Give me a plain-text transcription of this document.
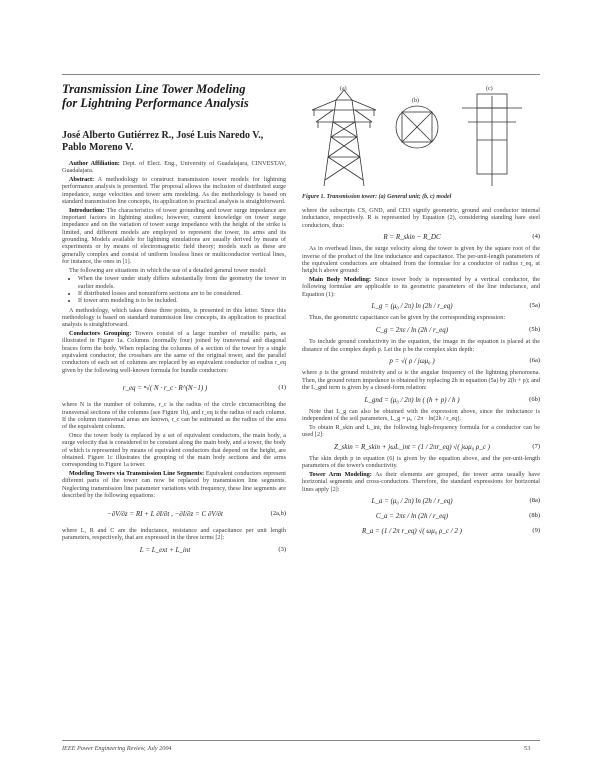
Transmission Line Tower Modeling
for Lightning Performance Analysis
José Alberto Gutiérrez R., José Luis Naredo V.,
Pablo Moreno V.

Author Affiliation: Dept. of Elect. Eng., University of Guadalajara, CINVESTAV, Guadalajara.

Abstract: A methodology to construct transmission tower models for lightning performance analysis is presented. The proposal allows the inclusion of distributed surge impedance, surge velocities and tower arm modeling. As the methodology is based on standard transmission line concepts, its application to practical analysis is straightforward.

Introduction: The characteristics of tower grounding and tower surge impedance are important factors in lightning studies; however, current knowledge on tower surge impedance and on the variation of tower surge impedance with the height of the strike is limited, and different models are employed to represent the tower, its arms and its grounding. Models available for lightning simulations are usually derived by means of experiments or by means of electromagnetic field theory; models such as these are generally complex and consist of uniform lossless lines or multiconductor vertical lines, for instance, the ones in [1].

The following are situations in which the use of a detailed general tower model:

• When the tower under study differs substantially from the geometry the tower in earlier models.
• If distributed losses and nonuniform sections are to be considered.
• If tower arm modeling is to be included.

A methodology, which takes these three points, is presented in this letter. Since this methodology is based on standard transmission line concepts, its application to practical analysis is straightforward.

Conductors Grouping: Towers consist of a large number of metallic parts, as illustrated in Figure 1a. Columns (normally four) joined by transversal and diagonal braces form the body. When replacing the columns of a section of the tower by a single equivalent conductor, the crossbars are the same of the original tower, and the parallel conductors of each set of columns are replaced by an equivalent conductor of radius r_eq given by the following well-known formula for bundle conductors:

r_eq = ⁿ√( N · r_c · R^(N−1) )	(1)

where N is the number of columns, r_c is the radius of the circle circumscribing the transversal sections of the columns (see Figure 1b), and r_eq is the radius of each column. If the column transversal areas are known, r_c can be estimated as the radius of the area of the equivalent column.

Once the tower body is replaced by a set of equivalent conductors, the main body, a surge velocity that is considered to be constant along the main body, and a tower, the body of which is represented by means of equivalent conductors that depend on the height, are obtained. Figure 1c illustrates the grouping of the main body sections and the arms corresponding to Figure 1a tower.

Modeling Towers via Transmission Line Segments: Equivalent conductors represent different parts of the tower can now be replaced by transmission line segments. Neglecting transmission line parameter variations with frequency, these line segments are described by the following equations:

−∂V/∂z = RI + L ∂I/∂t , −∂I/∂z = C ∂V/∂t	(2a,b)

where L, R and C are the inductance, resistance and capacitance per unit length parameters, respectively, that are expressed in the three terms [2]:

L = L_ext + L_int	(3)
(a)
(b)
(c)
Figure 1. Transmission tower: (a) General unit; (b, c) model

where the subscripts CS, GND, and CD3 signify geometric, ground and conductor internal inductance, respectively. R is represented by Equation (2), considering standing bare steel conductors, thus:

R = R_skin − R_DC	(4)

As in overhead lines, the surge velocity along the tower is given by the square root of the inverse of the product of the line inductance and capacitance. The per-unit-length parameters of the equivalent conductors are obtained from the formulae for a conductor of radius r_eq, at height h above ground:

Main Body Modeling: Since tower body is represented by a vertical conductor, the following formulae are applicable to its geometric parameters of the line inductance, and Equation (1):

L_g = (μ₀ / 2π) ln (2h / r_eq)	(5a)

Thus, the geometric capacitance can be given by the corresponding expression:

C_g = 2πε / ln (2h / r_eq)	(5b)

To include ground conductivity in the equation, the image in the equation is placed at the distance of the complex depth p. Let the p be the complex skin depth:

p = √( ρ / jωμ₀ )	(6a)

where ρ is the ground resistivity and ω is the angular frequency of the lightning phenomena. Then, the ground return impedance is obtained by replacing 2h in equation (5a) by 2(h + p); and the L_gnd term is given by a closed-form relation:

L_gnd = (μ₀ / 2π) ln ( (h + p) / h )	(6b)

Note that L_g can also be obtained with the expression above, since the inductance is independent of the soil parameters, L_g = μ₀ / 2π · ln(2h / r_eq).

To obtain R_skin and L_int, the following high-frequency formula for a conductor can be used [2]:

Z_skin = R_skin + jωL_int = (1 / 2πr_eq) √( jωμ₀ ρ_c )	(7)

The skin depth p in equation (6) is given by the equation above, and the per-unit-length parameters of the tower's conductivity.

Tower Arm Modeling: As their elements are grouped, the tower arms usually have horizontal segments and cross-conductors. Therefore, the standard expressions for horizontal lines apply [2]:

L_a = (μ₀ / 2π) ln (2h / r_eq)	(8a)
C_a = 2πε / ln (2h / r_eq)	(8b)
R_a = (1 / 2π r_eq) √( ωμ₀ ρ_c / 2 )	(9)
IEEE Power Engineering Review, July 2004	53
